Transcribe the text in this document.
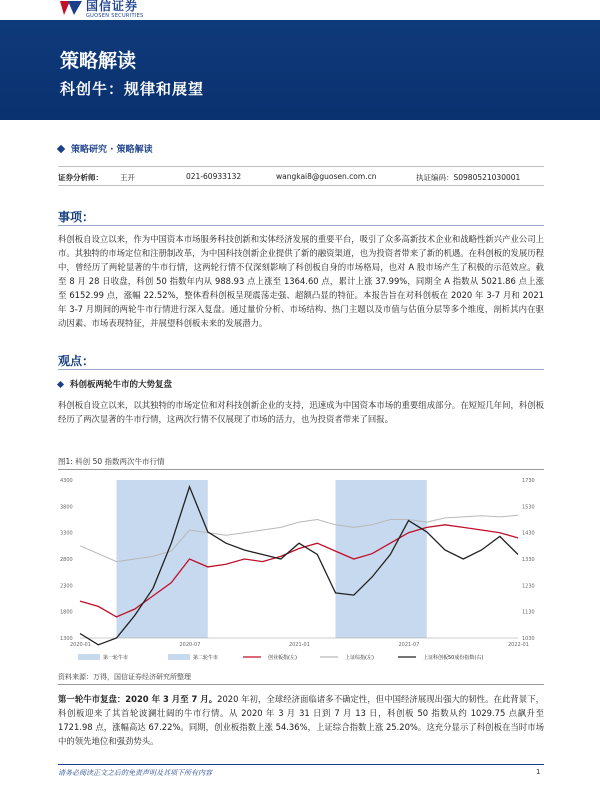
国信证券
GUOSEN SECURITIES
策略解读
科创牛：规律和展望
策略研究 · 策略解读
证券分析师： 王开	021-60933132	wangkai8@guosen.com.cn	执证编码：S0980521030001
事项：
科创板自设立以来，作为中国资本市场服务科技创新和实体经济发展的重要平台，吸引了众多高新技术企业和战略性新兴产业公司上市。其独特的市场定位和注册制改革，为中国科技创新企业提供了新的融资渠道，也为投资者带来了新的机遇。在科创板的发展历程中，曾经历了两轮显著的牛市行情，这两轮行情不仅深刻影响了科创板自身的市场格局，也对 A 股市场产生了积极的示范效应。截至 8 月 28 日收盘，科创 50 指数年内从 988.93 点上涨至 1364.60 点，累计上涨 37.99%，同期全 A 指数从 5021.86 点上涨至 6152.99 点，涨幅 22.52%，整体看科创板呈现震荡走强、超额凸显的特征。本报告旨在对科创板在 2020 年 3-7 月和 2021 年 3-7 月期间的两轮牛市行情进行深入复盘。通过量价分析、市场结构、热门主题以及市值与估值分层等多个维度，剖析其内在驱动因素、市场表现特征，并展望科创板未来的发展潜力。
观点：
科创板两轮牛市的大势复盘
科创板自设立以来，以其独特的市场定位和对科技创新企业的支持，迅速成为中国资本市场的重要组成部分。在短短几年间，科创板经历了两次显著的牛市行情，这两次行情不仅展现了市场的活力，也为投资者带来了回报。
图1: 科创 50 指数两次牛市行情
1300
1800
2300
2800
3300
3800
4300
1030
1130
1230
1330
1430
1530
1730
2020-01	2020-07	2021-01	2021-07	2022-01
第一轮牛市	第二轮牛市	创业板指(左)	上证综指(左)	上证科创板50成份指数(右)
资料来源：万得，国信证券经济研究所整理
第一轮牛市复盘：2020 年 3 月至 7 月。2020 年初，全球经济面临诸多不确定性，但中国经济展现出强大的韧性。在此背景下，科创板迎来了其首轮波澜壮阔的牛市行情。从 2020 年 3 月 31 日到 7 月 13 日，科创板 50 指数从约 1029.75 点飙升至 1721.98 点，涨幅高达 67.22%。同期，创业板指数上涨 54.36%，上证综合指数上涨 25.20%。这充分显示了科创板在当时市场中的领先地位和强劲势头。
请务必阅读正文之后的免责声明及其项下所有内容	1
